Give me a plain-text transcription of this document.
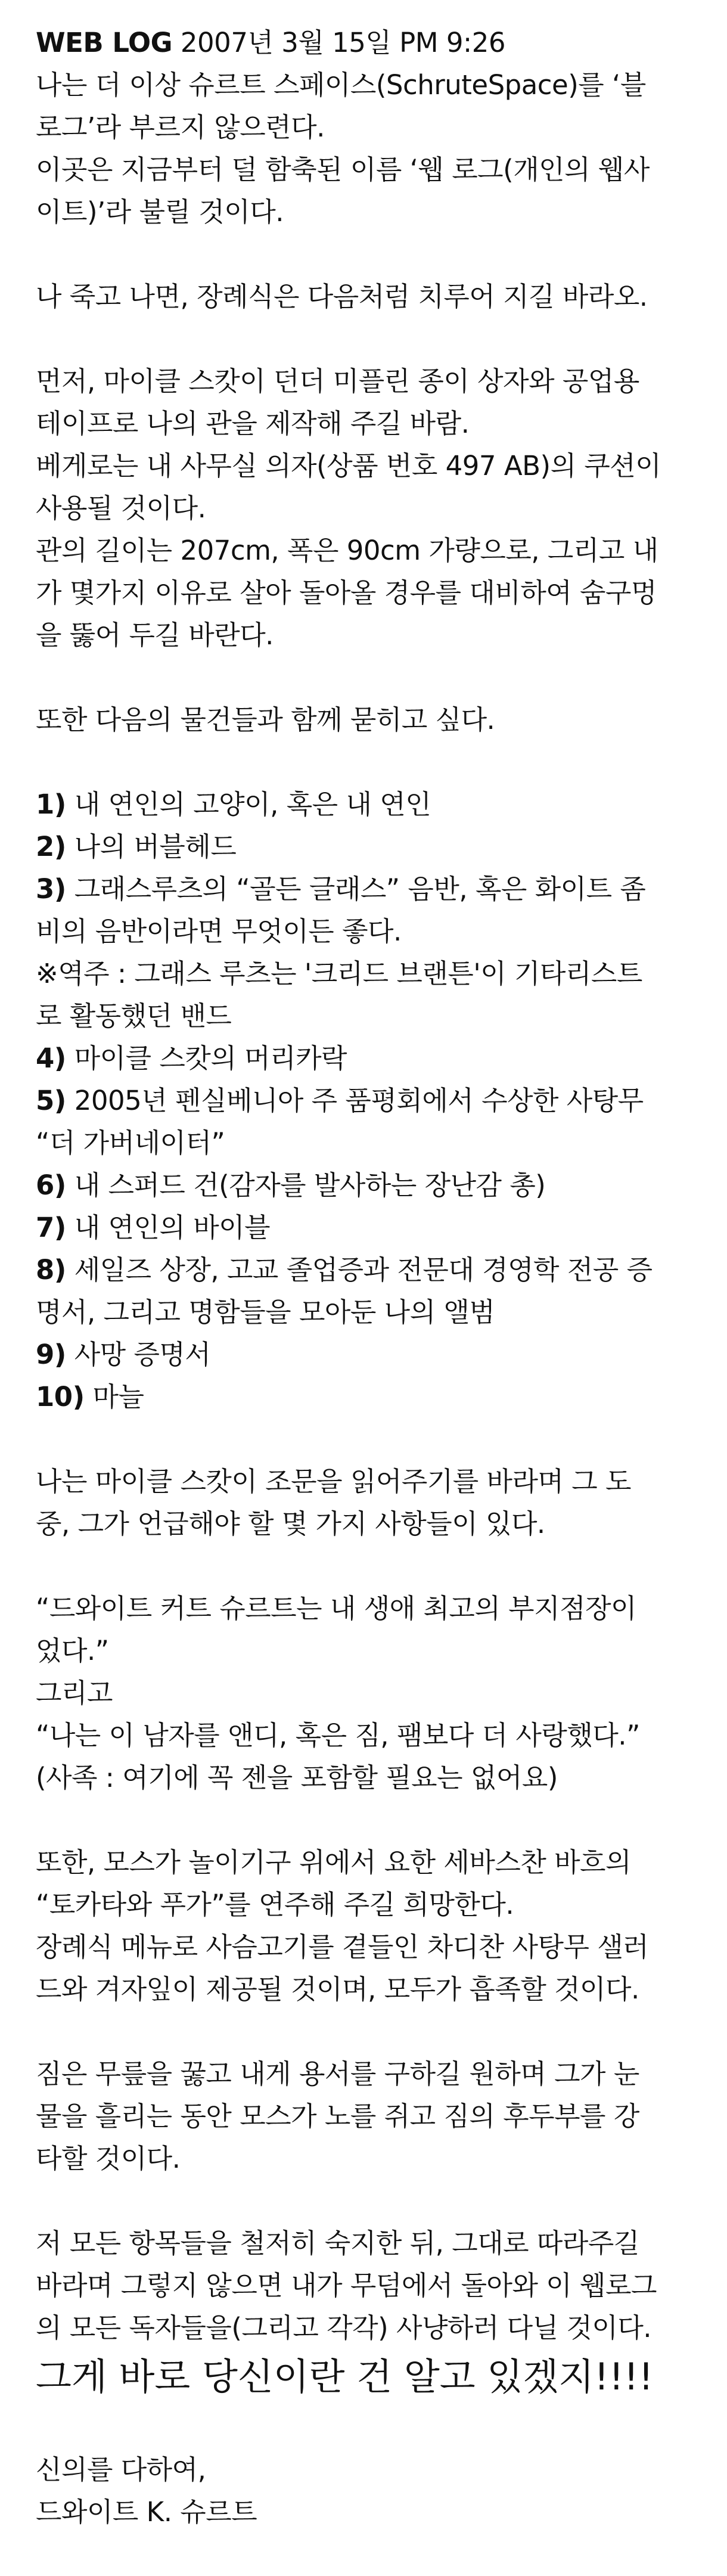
WEB LOG 2007년 3월 15일 PM 9:26
나는 더 이상 슈르트 스페이스(SchruteSpace)를 ‘블
로그’라 부르지 않으련다.
이곳은 지금부터 덜 함축된 이름 ‘웹 로그(개인의 웹사
이트)’라 불릴 것이다.
나 죽고 나면, 장례식은 다음처럼 치루어 지길 바라오.
먼저, 마이클 스캇이 던더 미플린 종이 상자와 공업용
테이프로 나의 관을 제작해 주길 바람.
베게로는 내 사무실 의자(상품 번호 497 AB)의 쿠션이
사용될 것이다.
관의 길이는 207cm, 폭은 90cm 가량으로, 그리고 내
가 몇가지 이유로 살아 돌아올 경우를 대비하여 숨구멍
을 뚫어 두길 바란다.
또한 다음의 물건들과 함께 묻히고 싶다.
1) 내 연인의 고양이, 혹은 내 연인
2) 나의 버블헤드
3) 그래스루츠의 “골든 글래스” 음반, 혹은 화이트 좀
비의 음반이라면 무엇이든 좋다.
※역주 : 그래스 루츠는 '크리드 브랜튼'이 기타리스트
로 활동했던 밴드
4) 마이클 스캇의 머리카락
5) 2005년 펜실베니아 주 품평회에서 수상한 사탕무
“더 가버네이터”
6) 내 스퍼드 건(감자를 발사하는 장난감 총)
7) 내 연인의 바이블
8) 세일즈 상장, 고교 졸업증과 전문대 경영학 전공 증
명서, 그리고 명함들을 모아둔 나의 앨범
9) 사망 증명서
10) 마늘
나는 마이클 스캇이 조문을 읽어주기를 바라며 그 도
중, 그가 언급해야 할 몇 가지 사항들이 있다.
“드와이트 커트 슈르트는 내 생애 최고의 부지점장이
었다.”
그리고
“나는 이 남자를 앤디, 혹은 짐, 팸보다 더 사랑했다.”
(사족 : 여기에 꼭 젠을 포함할 필요는 없어요)
또한, 모스가 놀이기구 위에서 요한 세바스찬 바흐의
“토카타와 푸가”를 연주해 주길 희망한다.
장례식 메뉴로 사슴고기를 곁들인 차디찬 사탕무 샐러
드와 겨자잎이 제공될 것이며, 모두가 흡족할 것이다.
짐은 무릎을 꿇고 내게 용서를 구하길 원하며 그가 눈
물을 흘리는 동안 모스가 노를 쥐고 짐의 후두부를 강
타할 것이다.
저 모든 항목들을 철저히 숙지한 뒤, 그대로 따라주길
바라며 그렇지 않으면 내가 무덤에서 돌아와 이 웹로그
의 모든 독자들을(그리고 각각) 사냥하러 다닐 것이다.
그게 바로 당신이란 건 알고 있겠지!!!!
신의를 다하여,
드와이트 K. 슈르트
